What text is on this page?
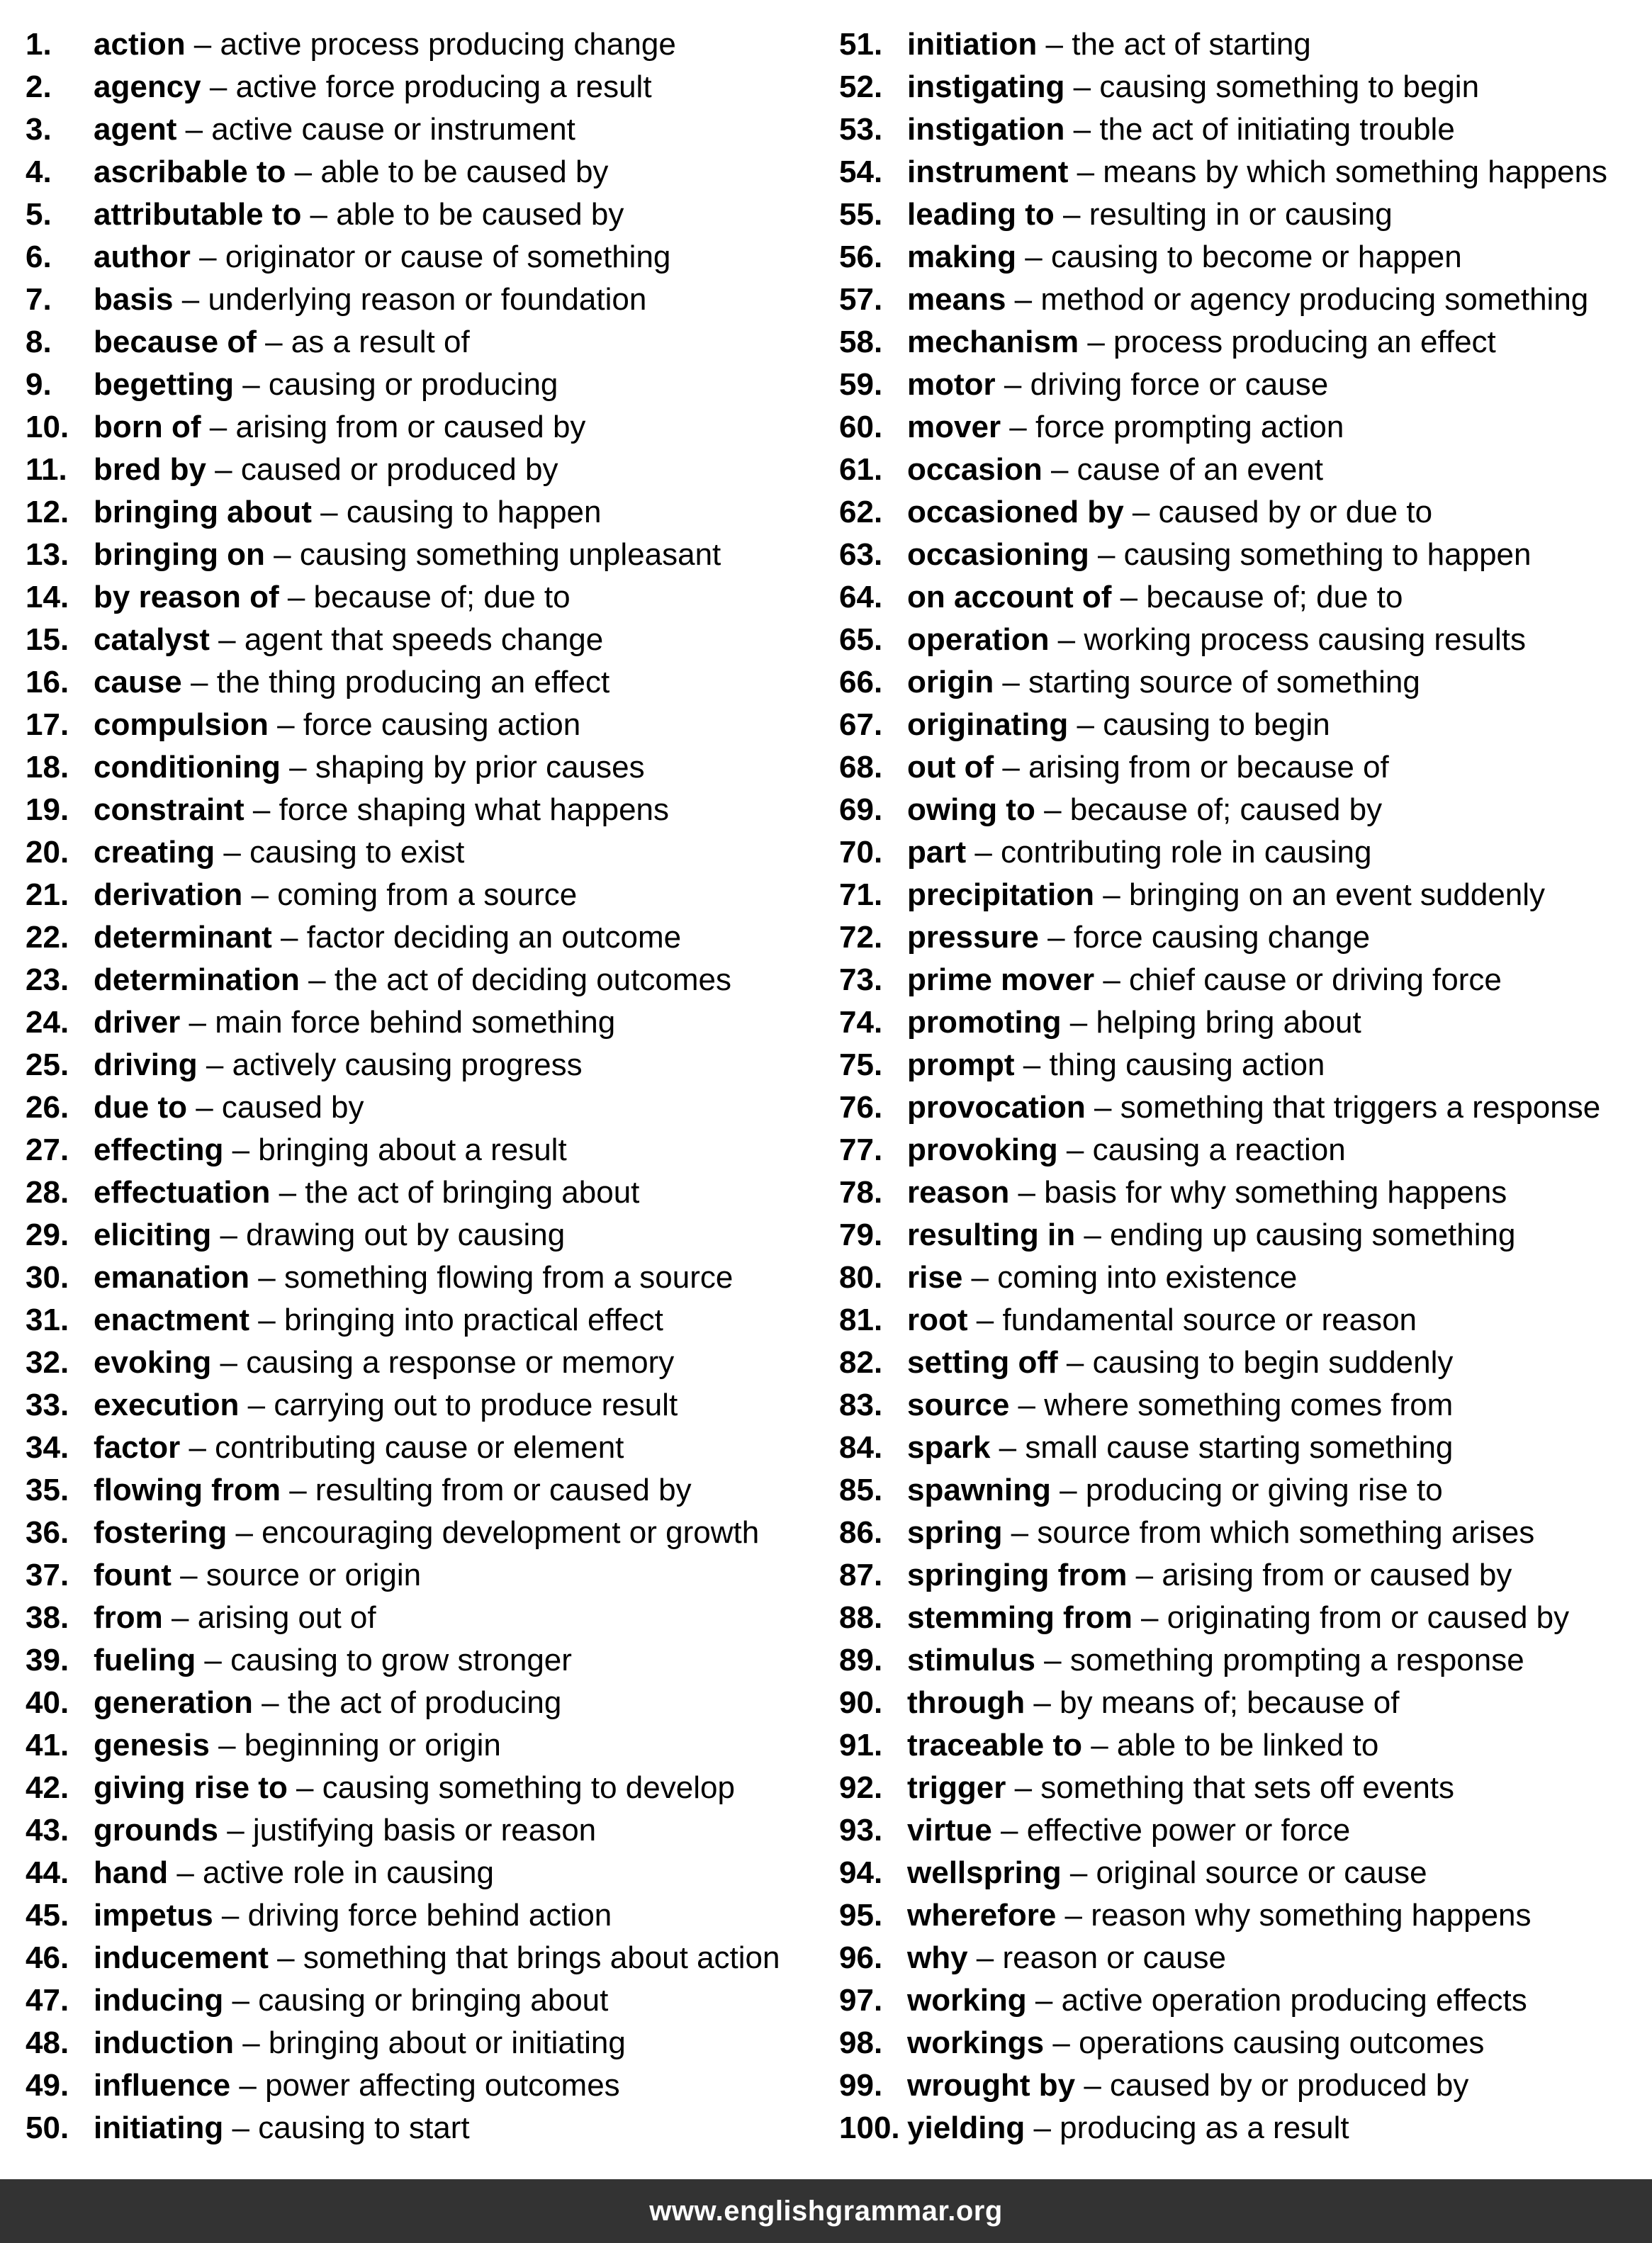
1. action – active process producing change
2. agency – active force producing a result
3. agent – active cause or instrument
4. ascribable to – able to be caused by
5. attributable to – able to be caused by
6. author – originator or cause of something
7. basis – underlying reason or foundation
8. because of – as a result of
9. begetting – causing or producing
10. born of – arising from or caused by
11. bred by – caused or produced by
12. bringing about – causing to happen
13. bringing on – causing something unpleasant
14. by reason of – because of; due to
15. catalyst – agent that speeds change
16. cause – the thing producing an effect
17. compulsion – force causing action
18. conditioning – shaping by prior causes
19. constraint – force shaping what happens
20. creating – causing to exist
21. derivation – coming from a source
22. determinant – factor deciding an outcome
23. determination – the act of deciding outcomes
24. driver – main force behind something
25. driving – actively causing progress
26. due to – caused by
27. effecting – bringing about a result
28. effectuation – the act of bringing about
29. eliciting – drawing out by causing
30. emanation – something flowing from a source
31. enactment – bringing into practical effect
32. evoking – causing a response or memory
33. execution – carrying out to produce result
34. factor – contributing cause or element
35. flowing from – resulting from or caused by
36. fostering – encouraging development or growth
37. fount – source or origin
38. from – arising out of
39. fueling – causing to grow stronger
40. generation – the act of producing
41. genesis – beginning or origin
42. giving rise to – causing something to develop
43. grounds – justifying basis or reason
44. hand – active role in causing
45. impetus – driving force behind action
46. inducement – something that brings about action
47. inducing – causing or bringing about
48. induction – bringing about or initiating
49. influence – power affecting outcomes
50. initiating – causing to start
51. initiation – the act of starting
52. instigating – causing something to begin
53. instigation – the act of initiating trouble
54. instrument – means by which something happens
55. leading to – resulting in or causing
56. making – causing to become or happen
57. means – method or agency producing something
58. mechanism – process producing an effect
59. motor – driving force or cause
60. mover – force prompting action
61. occasion – cause of an event
62. occasioned by – caused by or due to
63. occasioning – causing something to happen
64. on account of – because of; due to
65. operation – working process causing results
66. origin – starting source of something
67. originating – causing to begin
68. out of – arising from or because of
69. owing to – because of; caused by
70. part – contributing role in causing
71. precipitation – bringing on an event suddenly
72. pressure – force causing change
73. prime mover – chief cause or driving force
74. promoting – helping bring about
75. prompt – thing causing action
76. provocation – something that triggers a response
77. provoking – causing a reaction
78. reason – basis for why something happens
79. resulting in – ending up causing something
80. rise – coming into existence
81. root – fundamental source or reason
82. setting off – causing to begin suddenly
83. source – where something comes from
84. spark – small cause starting something
85. spawning – producing or giving rise to
86. spring – source from which something arises
87. springing from – arising from or caused by
88. stemming from – originating from or caused by
89. stimulus – something prompting a response
90. through – by means of; because of
91. traceable to – able to be linked to
92. trigger – something that sets off events
93. virtue – effective power or force
94. wellspring – original source or cause
95. wherefore – reason why something happens
96. why – reason or cause
97. working – active operation producing effects
98. workings – operations causing outcomes
99. wrought by – caused by or produced by
100. yielding – producing as a result
www.englishgrammar.org
